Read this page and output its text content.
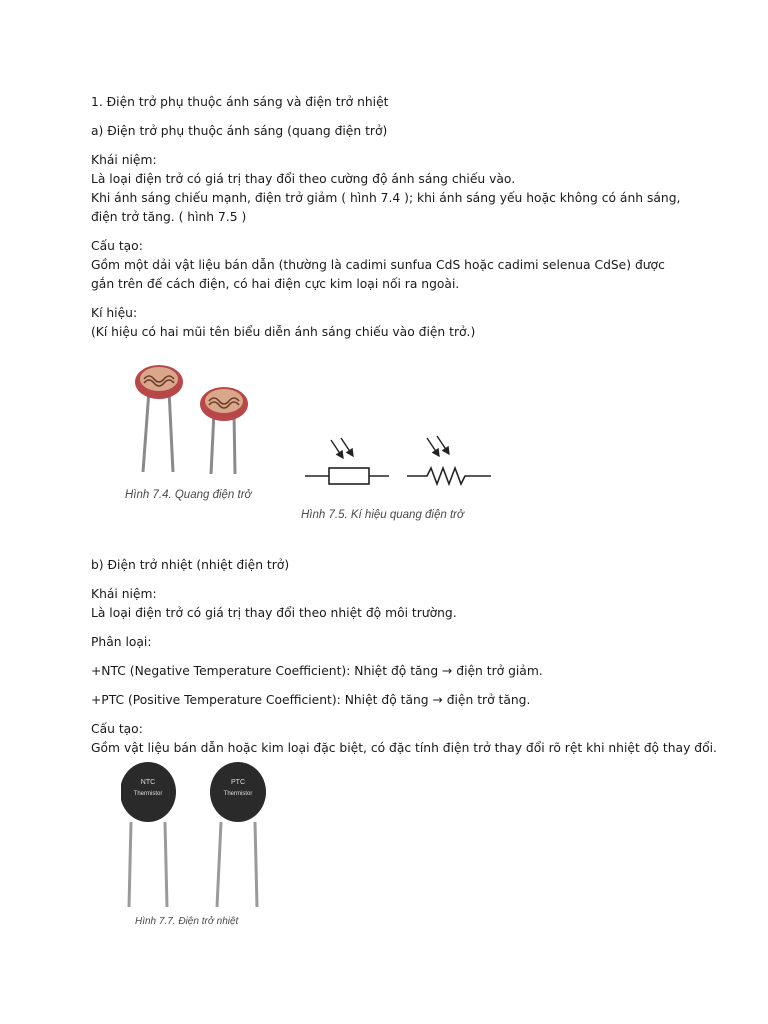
1. Điện trở phụ thuộc ánh sáng và điện trở nhiệt

a) Điện trở phụ thuộc ánh sáng (quang điện trở)

Khái niệm:
Là loại điện trở có giá trị thay đổi theo cường độ ánh sáng chiếu vào.
Khi ánh sáng chiếu mạnh, điện trở giảm ( hình 7.4 ); khi ánh sáng yếu hoặc không có ánh sáng, điện trở tăng. ( hình 7.5 )

Cấu tạo:
Gồm một dải vật liệu bán dẫn (thường là cadimi sunfua CdS hoặc cadimi selenua CdSe) được gắn trên đế cách điện, có hai điện cực kim loại nối ra ngoài.

Kí hiệu:
(Kí hiệu có hai mũi tên biểu diễn ánh sáng chiếu vào điện trở.)

Hình 7.4. Quang điện trở
Hình 7.5. Kí hiệu quang điện trở

b) Điện trở nhiệt (nhiệt điện trở)

Khái niệm:
Là loại điện trở có giá trị thay đổi theo nhiệt độ môi trường.

Phân loại:

+NTC (Negative Temperature Coefficient): Nhiệt độ tăng → điện trở giảm.

+PTC (Positive Temperature Coefficient): Nhiệt độ tăng → điện trở tăng.

Cấu tạo:
Gồm vật liệu bán dẫn hoặc kim loại đặc biệt, có đặc tính điện trở thay đổi rõ rệt khi nhiệt độ thay đổi.

NTC
Thermistor
PTC
Thermistor
Hình 7.7. Điện trở nhiệt
